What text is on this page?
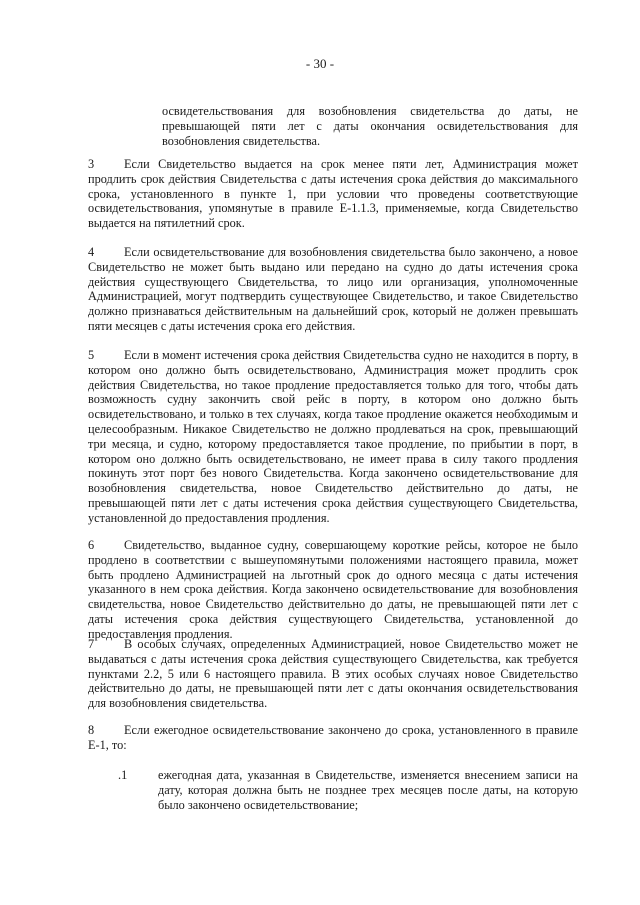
- 30 -

освидетельствования для возобновления свидетельства до даты, не превышающей пяти лет с даты окончания освидетельствования для возобновления свидетельства.

3 Если Свидетельство выдается на срок менее пяти лет, Администрация может продлить срок действия Свидетельства с даты истечения срока действия до максимального срока, установленного в пункте 1, при условии что проведены соответствующие освидетельствования, упомянутые в правиле Е-1.1.3, применяемые, когда Свидетельство выдается на пятилетний срок.

4 Если освидетельствование для возобновления свидетельства было закончено, а новое Свидетельство не может быть выдано или передано на судно до даты истечения срока действия существующего Свидетельства, то лицо или организация, уполномоченные Администрацией, могут подтвердить существующее Свидетельство, и такое Свидетельство должно признаваться действительным на дальнейший срок, который не должен превышать пяти месяцев с даты истечения срока его действия.

5 Если в момент истечения срока действия Свидетельства судно не находится в порту, в котором оно должно быть освидетельствовано, Администрация может продлить срок действия Свидетельства, но такое продление предоставляется только для того, чтобы дать возможность судну закончить свой рейс в порту, в котором оно должно быть освидетельствовано, и только в тех случаях, когда такое продление окажется необходимым и целесообразным. Никакое Свидетельство не должно продлеваться на срок, превышающий три месяца, и судно, которому предоставляется такое продление, по прибытии в порт, в котором оно должно быть освидетельствовано, не имеет права в силу такого продления покинуть этот порт без нового Свидетельства. Когда закончено освидетельствование для возобновления свидетельства, новое Свидетельство действительно до даты, не превышающей пяти лет с даты истечения срока действия существующего Свидетельства, установленной до предоставления продления.

6 Свидетельство, выданное судну, совершающему короткие рейсы, которое не было продлено в соответствии с вышеупомянутыми положениями настоящего правила, может быть продлено Администрацией на льготный срок до одного месяца с даты истечения указанного в нем срока действия. Когда закончено освидетельствование для возобновления свидетельства, новое Свидетельство действительно до даты, не превышающей пяти лет с даты истечения срока действия существующего Свидетельства, установленной до предоставления продления.

7 В особых случаях, определенных Администрацией, новое Свидетельство может не выдаваться с даты истечения срока действия существующего Свидетельства, как требуется пунктами 2.2, 5 или 6 настоящего правила. В этих особых случаях новое Свидетельство действительно до даты, не превышающей пяти лет с даты окончания освидетельствования для возобновления свидетельства.

8 Если ежегодное освидетельствование закончено до срока, установленного в правиле Е-1, то:

.1	ежегодная дата, указанная в Свидетельстве, изменяется внесением записи на дату, которая должна быть не позднее трех месяцев после даты, на которую было закончено освидетельствование;
